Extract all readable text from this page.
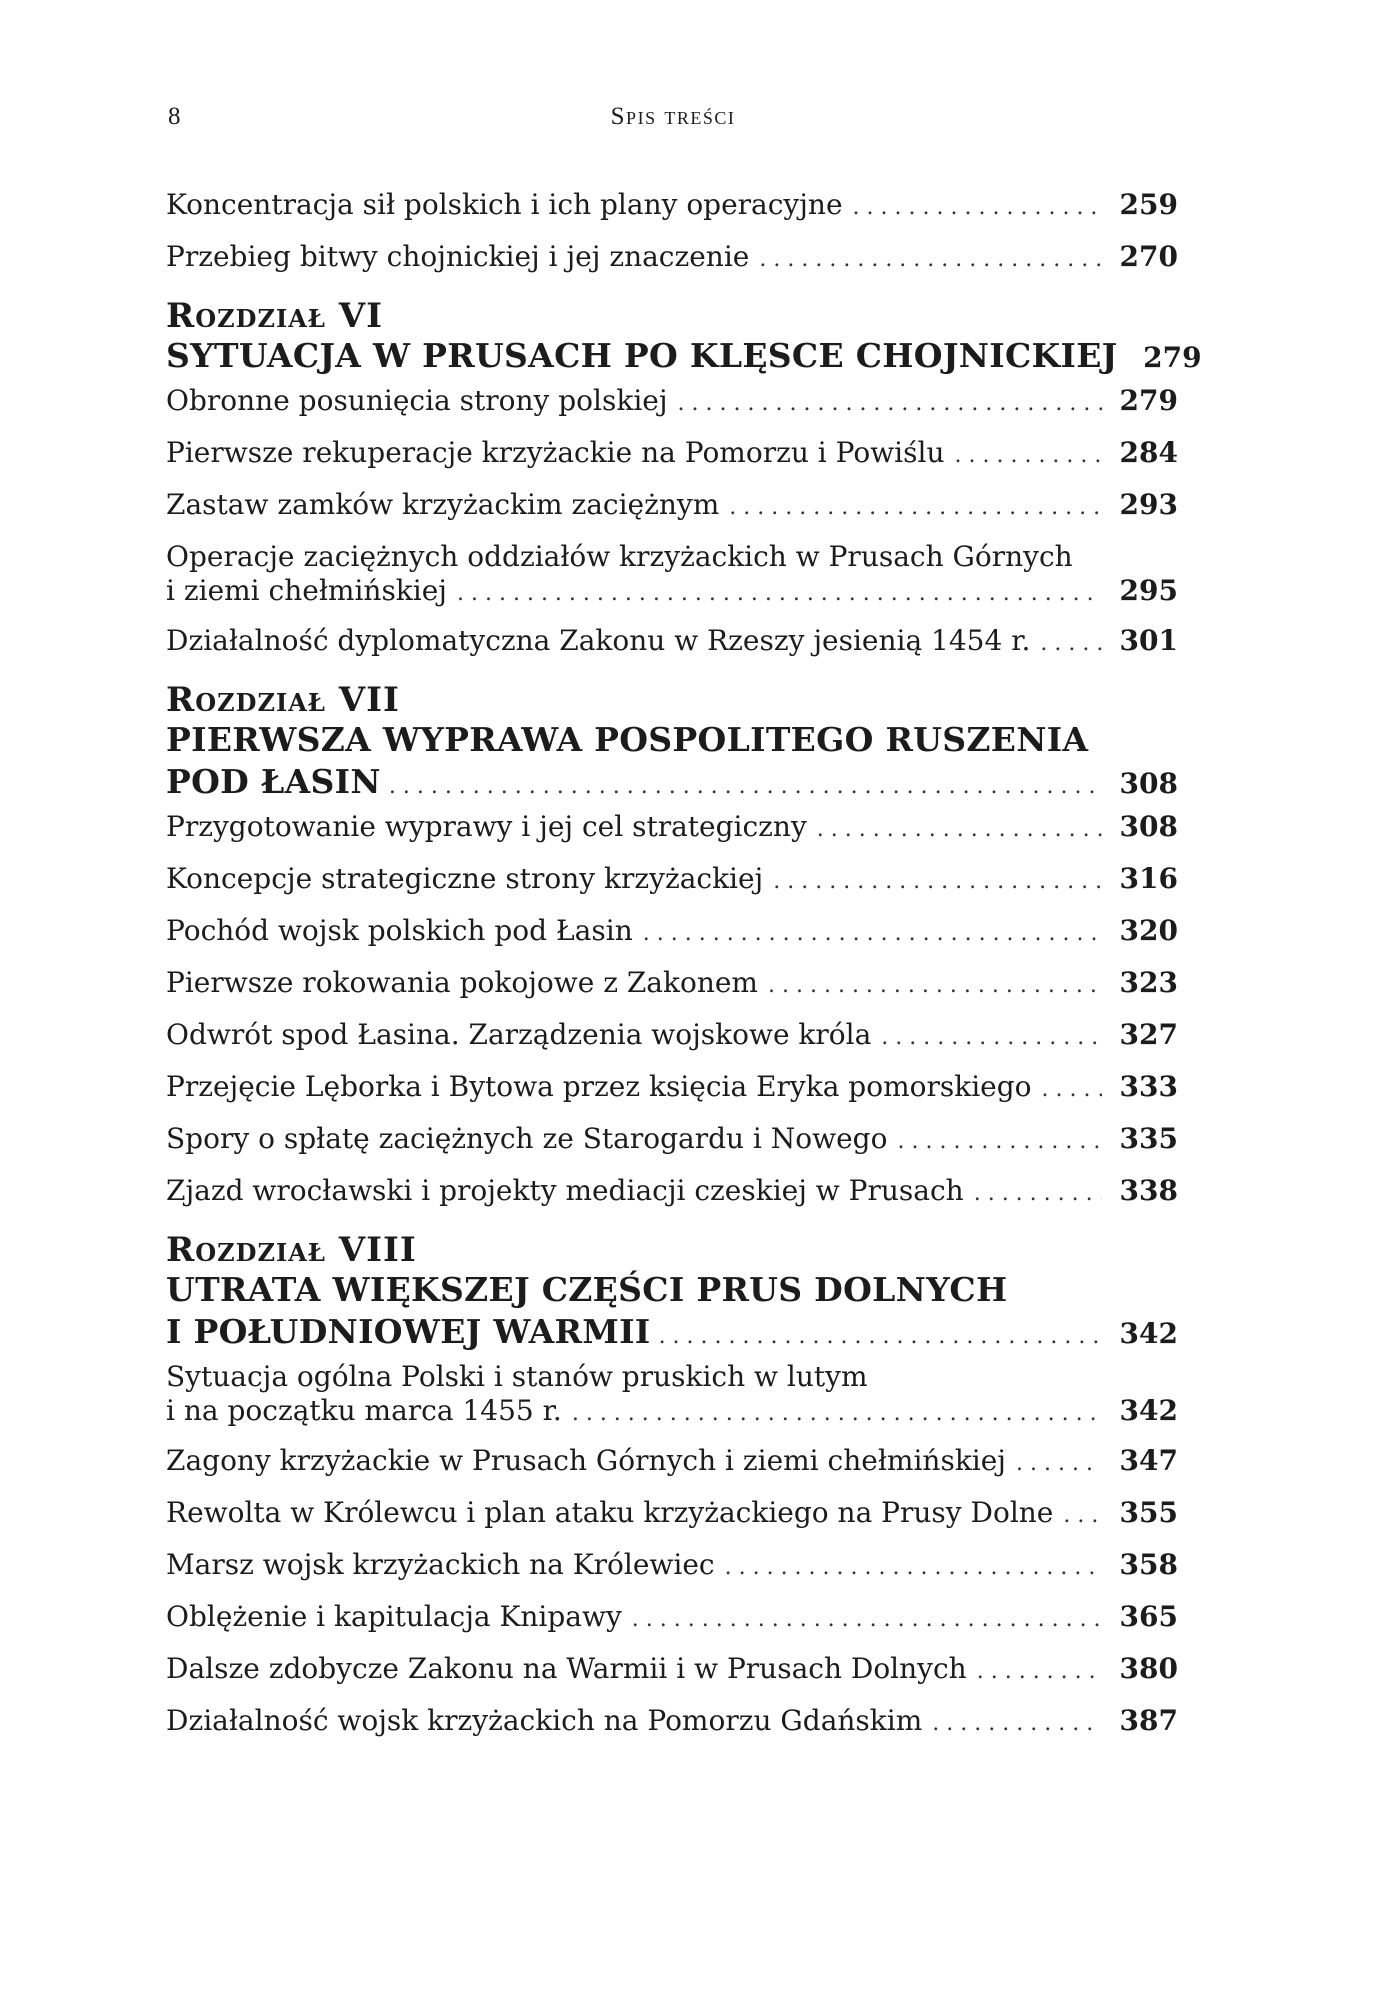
8	Spis treści
Koncentracja sił polskich i ich plany operacyjne .....	259
Przebieg bitwy chojnickiej i jej znaczenie .....	270
Rozdział VI
SYTUACJA W PRUSACH PO KLĘSCE CHOJNICKIEJ 279
Obronne posunięcia strony polskiej .....	279
Pierwsze rekuperacje krzyżackie na Pomorzu i Powiślu .....	284
Zastaw zamków krzyżackim zaciężnym .....	293
Operacje zaciężnych oddziałów krzyżackich w Prusach Górnych
i ziemi chełmińskiej .....	295
Działalność dyplomatyczna Zakonu w Rzeszy jesienią 1454 r. .....	301
Rozdział VII
PIERWSZA WYPRAWA POSPOLITEGO RUSZENIA
POD ŁASIN .....	308
Przygotowanie wyprawy i jej cel strategiczny .....	308
Koncepcje strategiczne strony krzyżackiej .....	316
Pochód wojsk polskich pod Łasin .....	320
Pierwsze rokowania pokojowe z Zakonem .....	323
Odwrót spod Łasina. Zarządzenia wojskowe króla .....	327
Przejęcie Lęborka i Bytowa przez księcia Eryka pomorskiego .....	333
Spory o spłatę zaciężnych ze Starogardu i Nowego .....	335
Zjazd wrocławski i projekty mediacji czeskiej w Prusach .....	338
Rozdział VIII
UTRATA WIĘKSZEJ CZĘŚCI PRUS DOLNYCH
I POŁUDNIOWEJ WARMII .....	342
Sytuacja ogólna Polski i stanów pruskich w lutym
i na początku marca 1455 r. .....	342
Zagony krzyżackie w Prusach Górnych i ziemi chełmińskiej .....	347
Rewolta w Królewcu i plan ataku krzyżackiego na Prusy Dolne .....	355
Marsz wojsk krzyżackich na Królewiec .....	358
Oblężenie i kapitulacja Knipawy .....	365
Dalsze zdobycze Zakonu na Warmii i w Prusach Dolnych .....	380
Działalność wojsk krzyżackich na Pomorzu Gdańskim .....	387
